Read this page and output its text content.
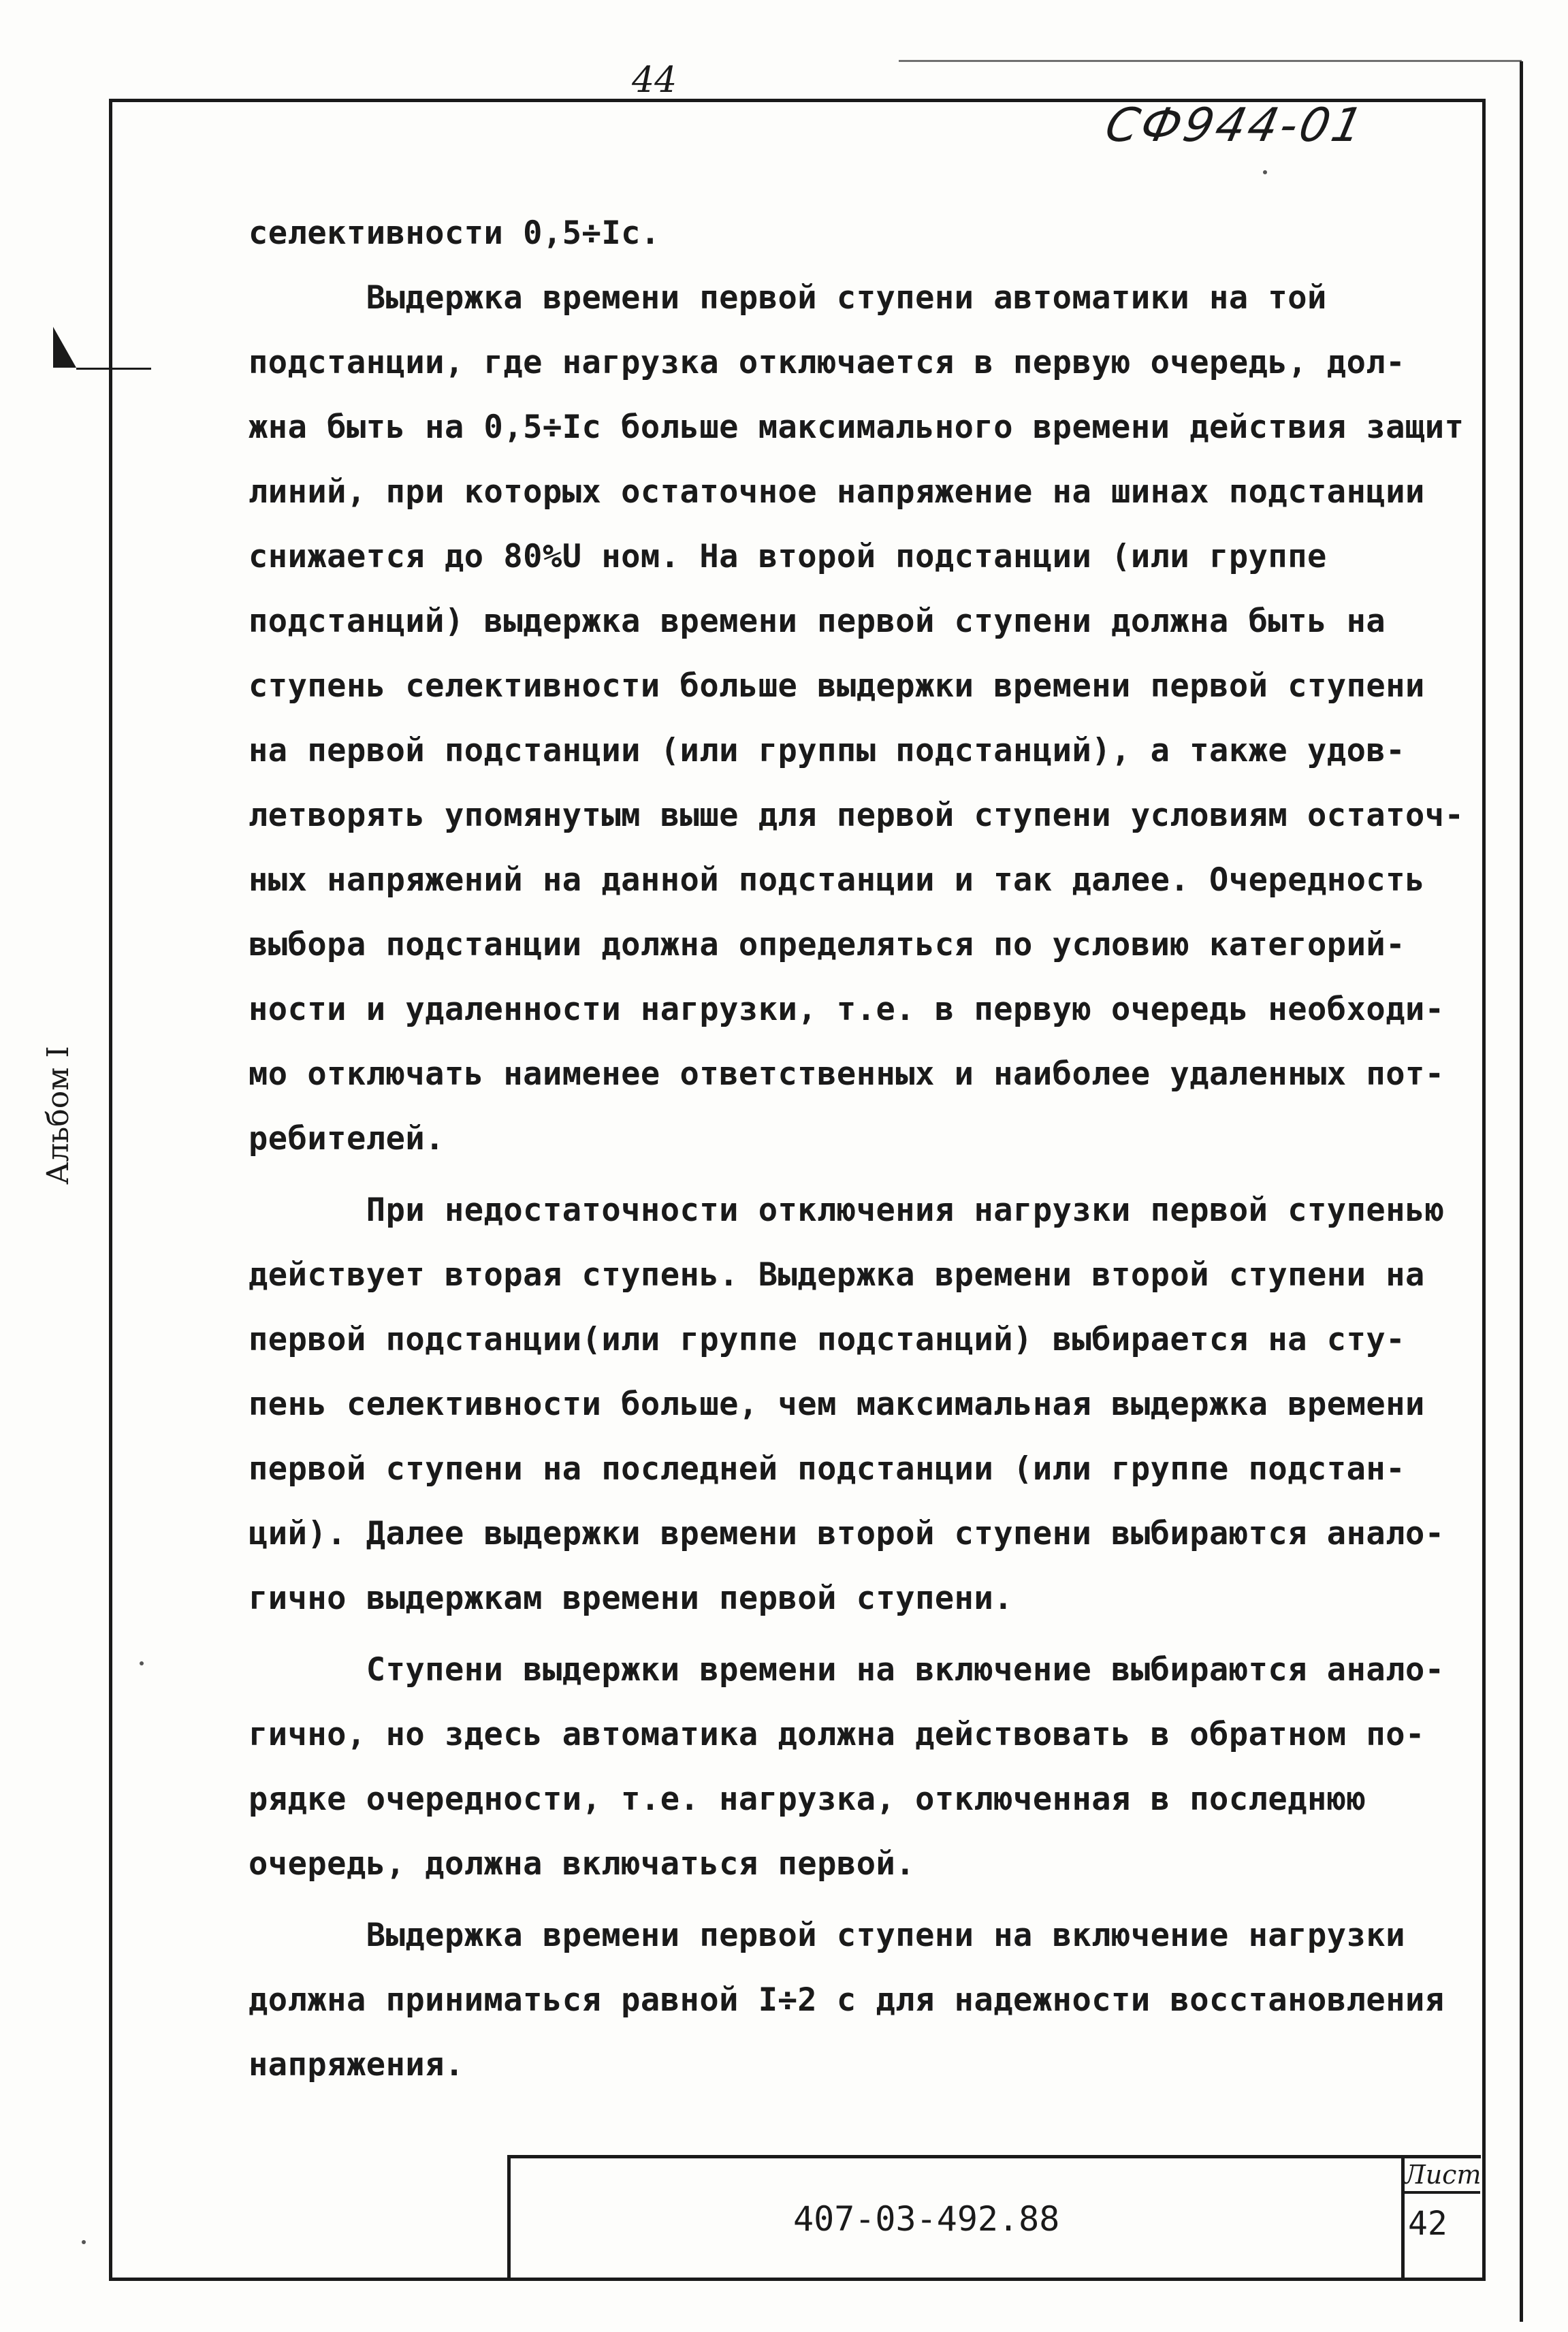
44
СФ944-01
Альбом I
селективности 0,5÷Iс.
Выдержка времени первой ступени автоматики на той
подстанции, где нагрузка отключается в первую очередь, дол-
жна быть на 0,5÷Iс больше максимального времени действия защит
линий, при которых остаточное напряжение на шинах подстанции
снижается до 80%U ном. На второй подстанции (или группе
подстанций) выдержка времени первой ступени должна быть на
ступень селективности больше выдержки времени первой ступени
на первой подстанции (или группы подстанций), а также удов-
летворять упомянутым выше для первой ступени условиям остаточ-
ных напряжений на данной подстанции и так далее. Очередность
выбора подстанции должна определяться по условию категорий-
ности и удаленности нагрузки, т.е. в первую очередь необходи-
мо отключать наименее ответственных и наиболее удаленных пот-
ребителей.
При недостаточности отключения нагрузки первой ступенью
действует вторая ступень. Выдержка времени второй ступени на
первой подстанции(или группе подстанций) выбирается на сту-
пень селективности больше, чем максимальная выдержка времени
первой ступени на последней подстанции (или группе подстан-
ций). Далее выдержки времени второй ступени выбираются анало-
гично выдержкам времени первой ступени.
Ступени выдержки времени на включение выбираются анало-
гично, но здесь автоматика должна действовать в обратном по-
рядке очередности, т.е. нагрузка, отключенная в последнюю
очередь, должна включаться первой.
Выдержка времени первой ступени на включение нагрузки
должна приниматься равной I÷2 с для надежности восстановления
напряжения.
407-03-492.88
Лист
42
